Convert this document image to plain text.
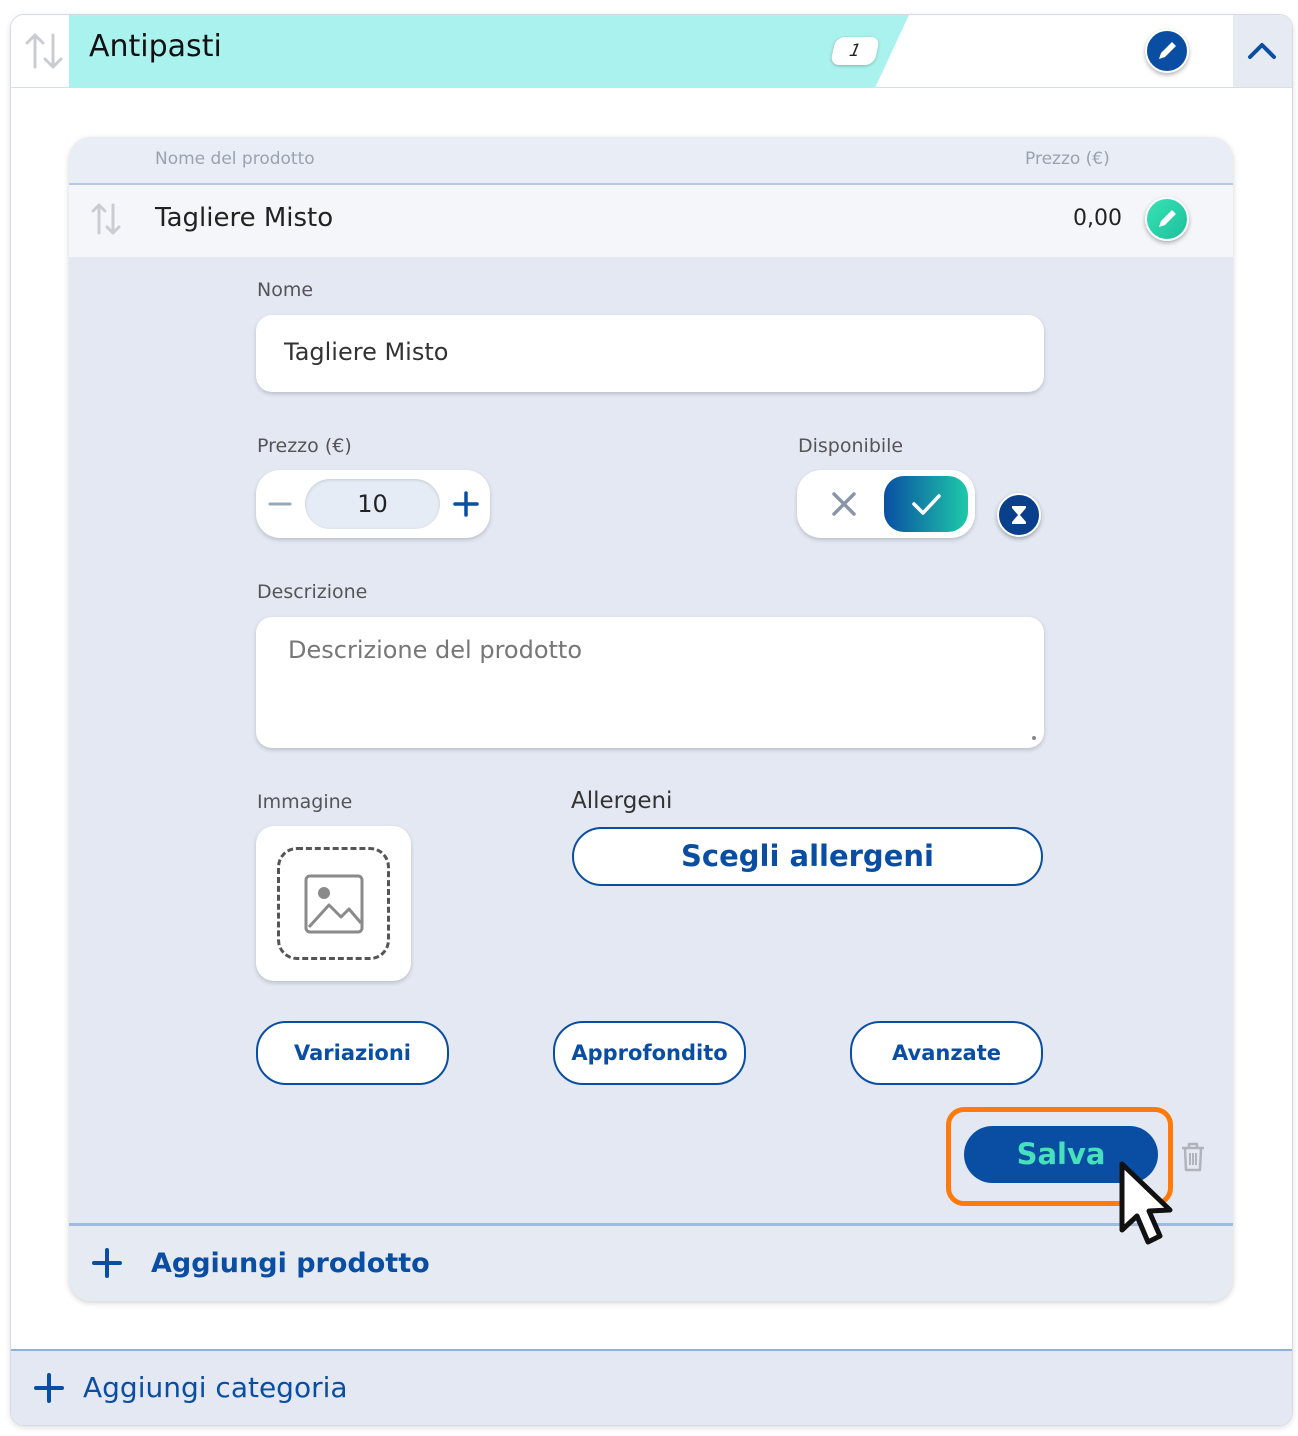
Antipasti	1
Nome del prodotto	Prezzo (€)
Tagliere Misto	0,00
Aggiungi prodotto
Aggiungi categoria
Nome
Tagliere Misto
Prezzo (€)
10
Disponibile
Descrizione
Descrizione del prodotto
Immagine	Allergeni
Scegli allergeni
Variazioni	Approfondito	Avanzate
Salva
